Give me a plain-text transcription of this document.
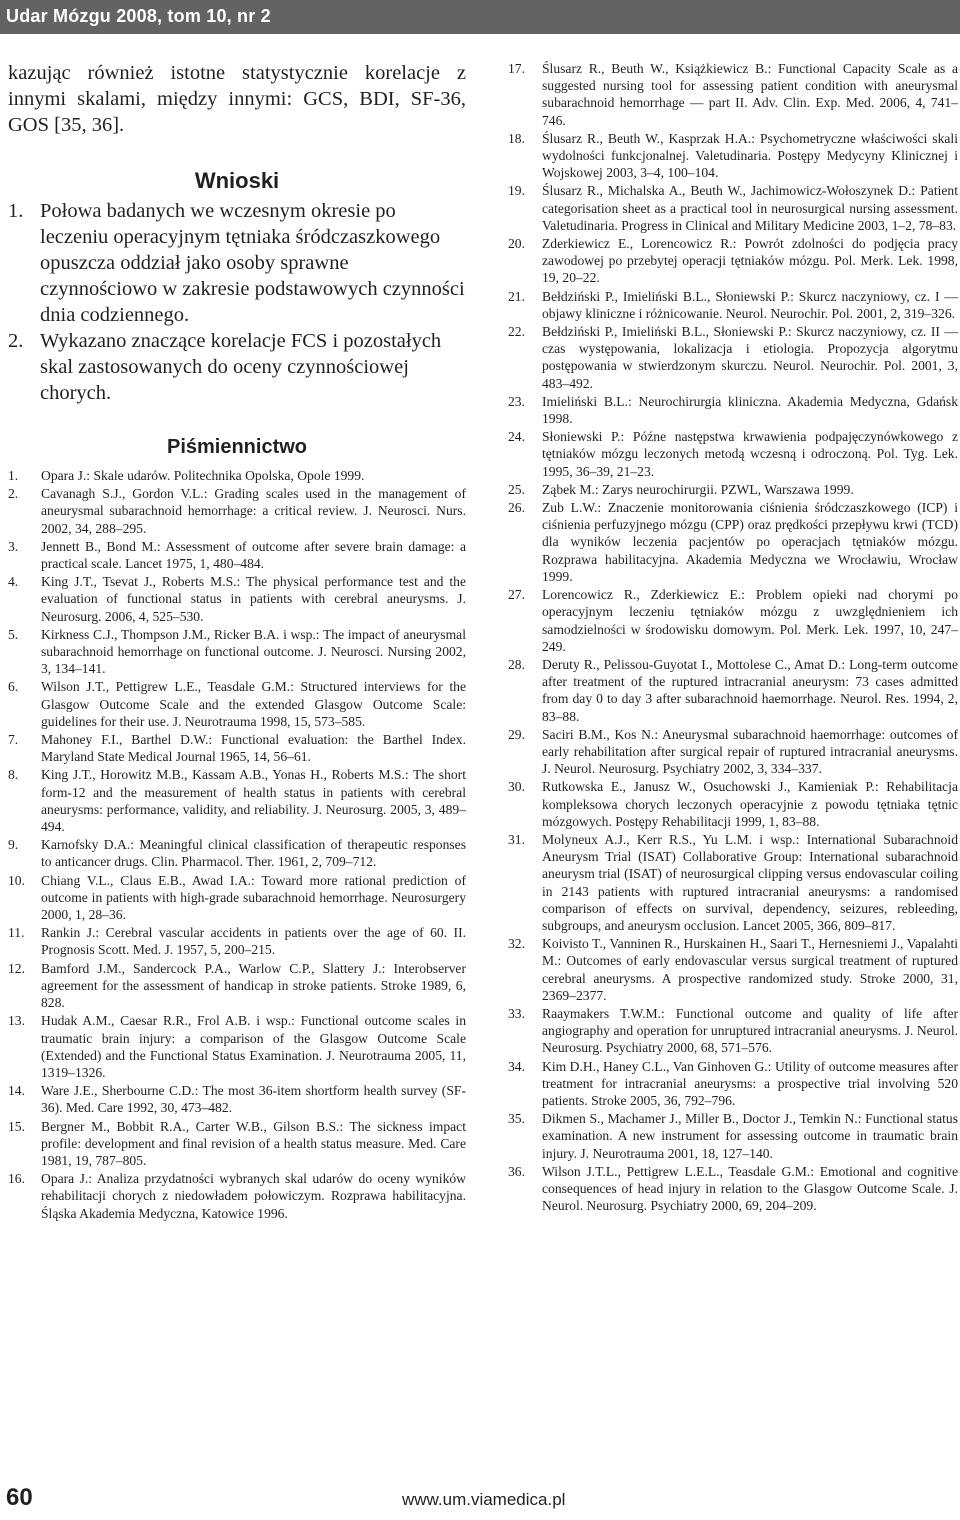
Udar Mózgu 2008, tom 10, nr 2

kazując również istotne statystycznie korelacje z innymi skalami, między innymi: GCS, BDI, SF-36, GOS [35, 36].

Wnioski
1. Połowa badanych we wczesnym okresie po leczeniu operacyjnym tętniaka śródczaszkowego opuszcza oddział jako osoby sprawne czynnościowo w zakresie podstawowych czynności dnia codziennego.
2. Wykazano znaczące korelacje FCS i pozostałych skal zastosowanych do oceny czynnościowej chorych.
Piśmiennictwo
1.	Opara J.: Skale udarów. Politechnika Opolska, Opole 1999.
2.	Cavanagh S.J., Gordon V.L.: Grading scales used in the management of aneurysmal subarachnoid hemorrhage: a critical review. J. Neurosci. Nurs. 2002, 34, 288–295.
3.	Jennett B., Bond M.: Assessment of outcome after severe brain damage: a practical scale. Lancet 1975, 1, 480–484.
4.	King J.T., Tsevat J., Roberts M.S.: The physical performance test and the evaluation of functional status in patients with cerebral aneurysms. J. Neurosurg. 2006, 4, 525–530.
5.	Kirkness C.J., Thompson J.M., Ricker B.A. i wsp.: The impact of aneurysmal subarachnoid hemorrhage on functional outcome. J. Neurosci. Nursing 2002, 3, 134–141.
6.	Wilson J.T., Pettigrew L.E., Teasdale G.M.: Structured interviews for the Glasgow Outcome Scale and the extended Glasgow Outcome Scale: guidelines for their use. J. Neurotrauma 1998, 15, 573–585.
7.	Mahoney F.I., Barthel D.W.: Functional evaluation: the Barthel Index. Maryland State Medical Journal 1965, 14, 56–61.
8.	King J.T., Horowitz M.B., Kassam A.B., Yonas H., Roberts M.S.: The short form-12 and the measurement of health status in patients with cerebral aneurysms: performance, validity, and reliability. J. Neurosurg. 2005, 3, 489–494.
9.	Karnofsky D.A.: Meaningful clinical classification of therapeutic responses to anticancer drugs. Clin. Pharmacol. Ther. 1961, 2, 709–712.
10.	Chiang V.L., Claus E.B., Awad I.A.: Toward more rational prediction of outcome in patients with high-grade subarachnoid hemorrhage. Neurosurgery 2000, 1, 28–36.
11.	Rankin J.: Cerebral vascular accidents in patients over the age of 60. II. Prognosis Scott. Med. J. 1957, 5, 200–215.
12.	Bamford J.M., Sandercock P.A., Warlow C.P., Slattery J.: Interobserver agreement for the assessment of handicap in stroke patients. Stroke 1989, 6, 828.
13.	Hudak A.M., Caesar R.R., Frol A.B. i wsp.: Functional outcome scales in traumatic brain injury: a comparison of the Glasgow Outcome Scale (Extended) and the Functional Status Examination. J. Neurotrauma 2005, 11, 1319–1326.
14.	Ware J.E., Sherbourne C.D.: The most 36-item shortform health survey (SF-36). Med. Care 1992, 30, 473–482.
15.	Bergner M., Bobbit R.A., Carter W.B., Gilson B.S.: The sickness impact profile: development and final revision of a health status measure. Med. Care 1981, 19, 787–805.
16.	Opara J.: Analiza przydatności wybranych skal udarów do oceny wyników rehabilitacji chorych z niedowładem połowiczym. Rozprawa habilitacyjna. Śląska Akademia Medyczna, Katowice 1996.
17.	Ślusarz R., Beuth W., Książkiewicz B.: Functional Capacity Scale as a suggested nursing tool for assessing patient condition with aneurysmal subarachnoid hemorrhage — part II. Adv. Clin. Exp. Med. 2006, 4, 741–746.
18.	Ślusarz R., Beuth W., Kasprzak H.A.: Psychometryczne właściwości skali wydolności funkcjonalnej. Valetudinaria. Postępy Medycyny Klinicznej i Wojskowej 2003, 3–4, 100–104.
19.	Ślusarz R., Michalska A., Beuth W., Jachimowicz-Wołoszynek D.: Patient categorisation sheet as a practical tool in neurosurgical nursing assessment. Valetudinaria. Progress in Clinical and Military Medicine 2003, 1–2, 78–83.
20.	Zderkiewicz E., Lorencowicz R.: Powrót zdolności do podjęcia pracy zawodowej po przebytej operacji tętniaków mózgu. Pol. Merk. Lek. 1998, 19, 20–22.
21.	Bełdziński P., Imieliński B.L., Słoniewski P.: Skurcz naczyniowy, cz. I — objawy kliniczne i różnicowanie. Neurol. Neurochir. Pol. 2001, 2, 319–326.
22.	Bełdziński P., Imieliński B.L., Słoniewski P.: Skurcz naczyniowy, cz. II — czas występowania, lokalizacja i etiologia. Propozycja algorytmu postępowania w stwierdzonym skurczu. Neurol. Neurochir. Pol. 2001, 3, 483–492.
23.	Imieliński B.L.: Neurochirurgia kliniczna. Akademia Medyczna, Gdańsk 1998.
24.	Słoniewski P.: Późne następstwa krwawienia podpajęczynówkowego z tętniaków mózgu leczonych metodą wczesną i odroczoną. Pol. Tyg. Lek. 1995, 36–39, 21–23.
25.	Ząbek M.: Zarys neurochirurgii. PZWL, Warszawa 1999.
26.	Zub L.W.: Znaczenie monitorowania ciśnienia śródczaszkowego (ICP) i ciśnienia perfuzyjnego mózgu (CPP) oraz prędkości przepływu krwi (TCD) dla wyników leczenia pacjentów po operacjach tętniaków mózgu. Rozprawa habilitacyjna. Akademia Medyczna we Wrocławiu, Wrocław 1999.
27.	Lorencowicz R., Zderkiewicz E.: Problem opieki nad chorymi po operacyjnym leczeniu tętniaków mózgu z uwzględnieniem ich samodzielności w środowisku domowym. Pol. Merk. Lek. 1997, 10, 247–249.
28.	Deruty R., Pelissou-Guyotat I., Mottolese C., Amat D.: Long-term outcome after treatment of the ruptured intracranial aneurysm: 73 cases admitted from day 0 to day 3 after subarachnoid haemorrhage. Neurol. Res. 1994, 2, 83–88.
29.	Saciri B.M., Kos N.: Aneurysmal subarachnoid haemorrhage: outcomes of early rehabilitation after surgical repair of ruptured intracranial aneurysms. J. Neurol. Neurosurg. Psychiatry 2002, 3, 334–337.
30.	Rutkowska E., Janusz W., Osuchowski J., Kamieniak P.: Rehabilitacja kompleksowa chorych leczonych operacyjnie z powodu tętniaka tętnic mózgowych. Postępy Rehabilitacji 1999, 1, 83–88.
31.	Molyneux A.J., Kerr R.S., Yu L.M. i wsp.: International Subarachnoid Aneurysm Trial (ISAT) Collaborative Group: International subarachnoid aneurysm trial (ISAT) of neurosurgical clipping versus endovascular coiling in 2143 patients with ruptured intracranial aneurysms: a randomised comparison of effects on survival, dependency, seizures, rebleeding, subgroups, and aneurysm occlusion. Lancet 2005, 366, 809–817.
32.	Koivisto T., Vanninen R., Hurskainen H., Saari T., Hernesniemi J., Vapalahti M.: Outcomes of early endovascular versus surgical treatment of ruptured cerebral aneurysms. A prospective randomized study. Stroke 2000, 31, 2369–2377.
33.	Raaymakers T.W.M.: Functional outcome and quality of life after angiography and operation for unruptured intracranial aneurysms. J. Neurol. Neurosurg. Psychiatry 2000, 68, 571–576.
34.	Kim D.H., Haney C.L., Van Ginhoven G.: Utility of outcome measures after treatment for intracranial aneurysms: a prospective trial involving 520 patients. Stroke 2005, 36, 792–796.
35.	Dikmen S., Machamer J., Miller B., Doctor J., Temkin N.: Functional status examination. A new instrument for assessing outcome in traumatic brain injury. J. Neurotrauma 2001, 18, 127–140.
36.	Wilson J.T.L., Pettigrew L.E.L., Teasdale G.M.: Emotional and cognitive consequences of head injury in relation to the Glasgow Outcome Scale. J. Neurol. Neurosurg. Psychiatry 2000, 69, 204–209.
60	www.um.viamedica.pl
